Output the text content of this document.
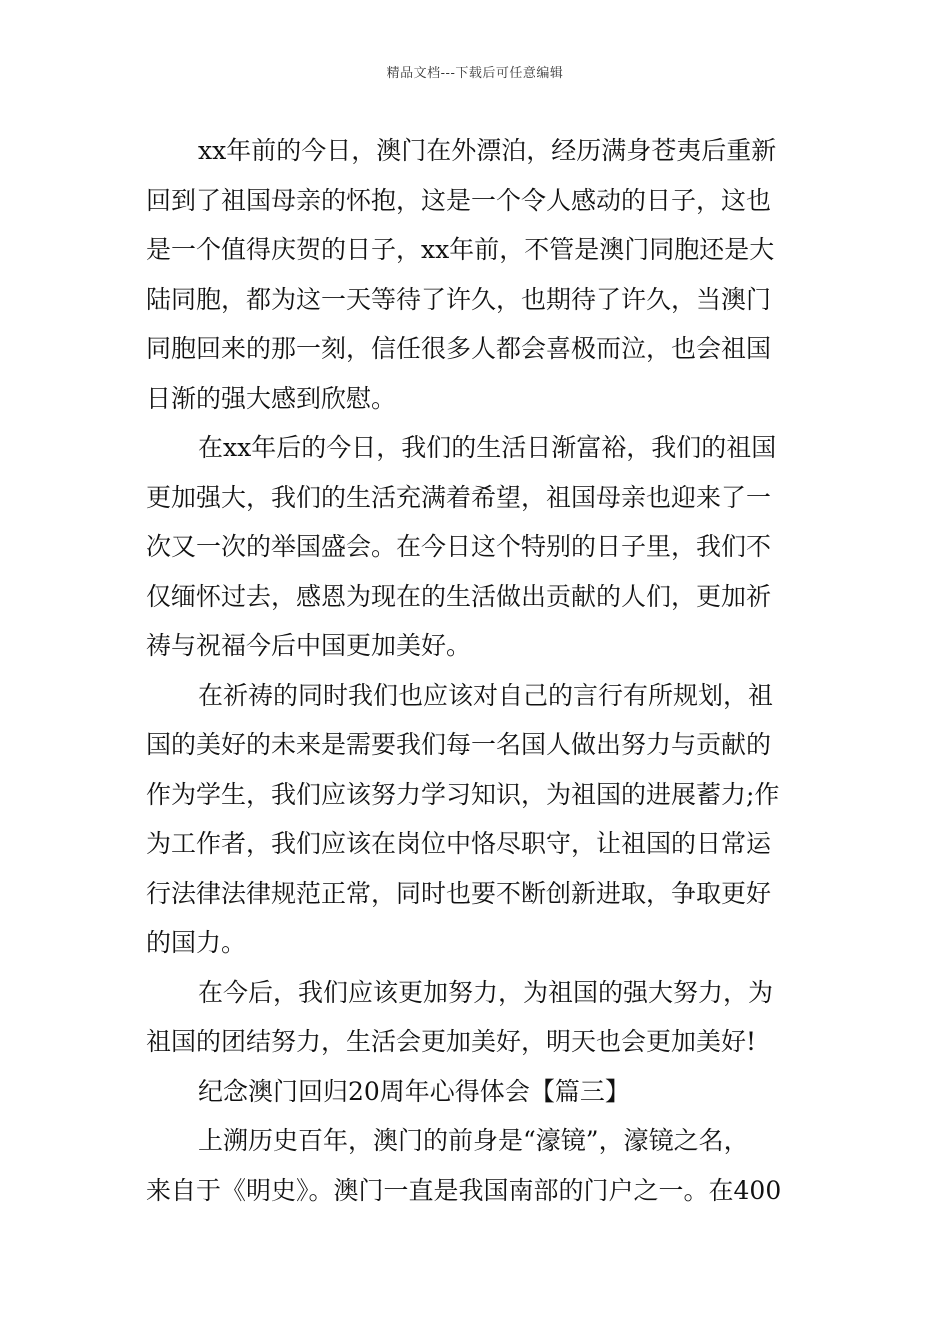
精品文档---下载后可任意编辑
xx年前的今日，澳门在外漂泊，经历满身苍夷后重新
回到了祖国母亲的怀抱，这是一个令人感动的日子，这也
是一个值得庆贺的日子，xx年前，不管是澳门同胞还是大
陆同胞，都为这一天等待了许久，也期待了许久，当澳门
同胞回来的那一刻，信任很多人都会喜极而泣，也会祖国
日渐的强大感到欣慰。
在xx年后的今日，我们的生活日渐富裕，我们的祖国
更加强大，我们的生活充满着希望，祖国母亲也迎来了一
次又一次的举国盛会。在今日这个特别的日子里，我们不
仅缅怀过去，感恩为现在的生活做出贡献的人们，更加祈
祷与祝福今后中国更加美好。
在祈祷的同时我们也应该对自己的言行有所规划，祖
国的美好的未来是需要我们每一名国人做出努力与贡献的
作为学生，我们应该努力学习知识，为祖国的进展蓄力;作
为工作者，我们应该在岗位中恪尽职守，让祖国的日常运
行法律法律规范正常，同时也要不断创新进取，争取更好
的国力。
在今后，我们应该更加努力，为祖国的强大努力，为
祖国的团结努力，生活会更加美好，明天也会更加美好!
纪念澳门回归20周年心得体会【篇三】
上溯历史百年，澳门的前身是“濠镜”，濠镜之名，
来自于《明史》。澳门一直是我国南部的门户之一。在400
